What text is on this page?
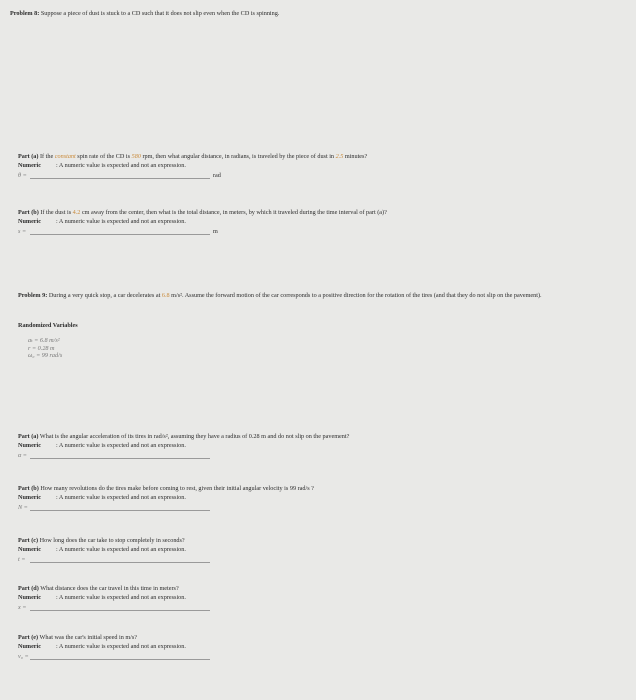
Problem 8: Suppose a piece of dust is stuck to a CD such that it does not slip even when the CD is spinning.
Part (a) If the constant spin rate of the CD is 580 rpm, then what angular distance, in radians, is traveled by the piece of dust in 2.5 minutes?
Numeric	: A numeric value is expected and not an expression.
θ =	rad
Part (b) If the dust is 4.2 cm away from the center, then what is the total distance, in meters, by which it traveled during the time interval of part (a)?
Numeric	: A numeric value is expected and not an expression.
s =	m
Problem 9: During a very quick stop, a car decelerates at 6.8 m/s². Assume the forward motion of the car corresponds to a positive direction for the rotation of the tires (and that they do not slip on the pavement).
Randomized Variables
aₜ = 6.8 m/s²
r = 0.28 m
ω₀ = 99 rad/s
Part (a) What is the angular acceleration of its tires in rad/s², assuming they have a radius of 0.28 m and do not slip on the pavement?
Numeric	: A numeric value is expected and not an expression.
α =
Part (b) How many revolutions do the tires make before coming to rest, given their initial angular velocity is 99 rad/s ?
Numeric	: A numeric value is expected and not an expression.
N =
Part (c) How long does the car take to stop completely in seconds?
Numeric	: A numeric value is expected and not an expression.
t =
Part (d) What distance does the car travel in this time in meters?
Numeric	: A numeric value is expected and not an expression.
x =
Part (e) What was the car's initial speed in m/s?
Numeric	: A numeric value is expected and not an expression.
v₀ =
